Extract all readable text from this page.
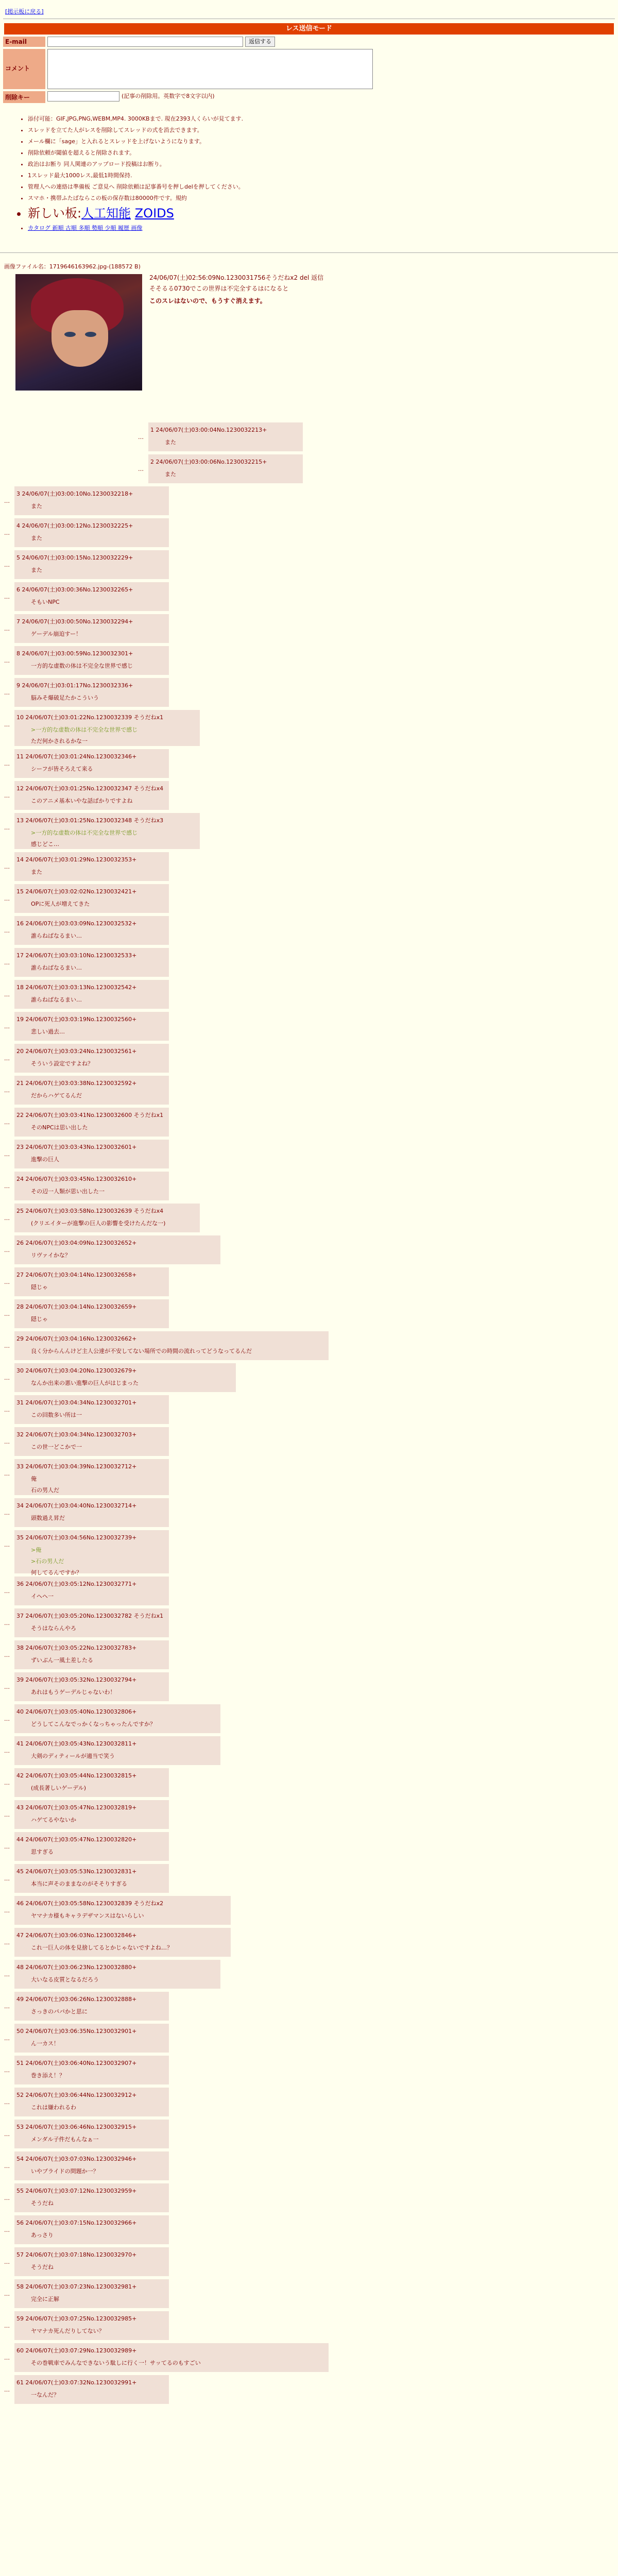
[掲示板に戻る]
レス送信モード
E-mail	返信する
コメント
削除キー	(記事の削除用。英数字で8文字以内)
• 添付可能：GIF,JPG,PNG,WEBM,MP4. 3000KBまで. 現在2393人くらいが見てます.
• スレッドを立てた人がレスを削除してスレッドの式を消去できます。
• メール欄に「sage」と入れるとスレッドを上げないようになります。
• 削除依頼が閾値を超えると削除されます。
• 政治はお断り 同人関連のアップロード投稿はお断り。
• 1スレッド最大1000レス,最低1時間保持.
• 管理人への連絡は準備板 ご意見へ 削除依頼は記事番号を押しdelを押してください。
• スマホ・携帯ふたばならこの板の保存数は80000件です。規約
• 新しい板:人工知能 ZOIDS
• カタログ 新順 古順 多順 勢順 少順 履歴 画像
画像ファイル名：1719646163962.jpg-(188572 B)
24/06/07(土)02:56:09No.1230031756そうだねx2 del 返信
そそるる0730でこの世界は不完全するはになると
このスレはないので、もうすぐ消えます。
…
1 24/06/07(土)03:00:04No.1230032213+
また
…
2 24/06/07(土)03:00:06No.1230032215+
また
…
3 24/06/07(土)03:00:10No.1230032218+
また
…
4 24/06/07(土)03:00:12No.1230032225+
また
…
5 24/06/07(土)03:00:15No.1230032229+
また
…
6 24/06/07(土)03:00:36No.1230032265+
そもいNPC
…
7 24/06/07(土)03:00:50No.1230032294+
ゲーデル崩迫すー！
…
8 24/06/07(土)03:00:59No.1230032301+
一方的な虚数の体は不完全な世界で感じ
…
9 24/06/07(土)03:01:17No.1230032336+
脳みそ爆破足たかこういう
…
10 24/06/07(土)03:01:22No.1230032339 そうだねx1
>一方的な虚数の体は不完全な世界で感じ
ただ何かされるかな一
…
11 24/06/07(土)03:01:24No.1230032346+
シーフが皆そろえて来る
…
12 24/06/07(土)03:01:25No.1230032347 そうだねx4
このアニメ基本いやな話ばかりですよね
…
13 24/06/07(土)03:01:25No.1230032348 そうだねx3
>一方的な虚数の体は不完全な世界で感じ
感じどこ…
…
14 24/06/07(土)03:01:29No.1230032353+
また
…
15 24/06/07(土)03:02:02No.1230032421+
OPに死人が増えてきた
…
16 24/06/07(土)03:03:09No.1230032532+
誰らねばなるまい…
…
17 24/06/07(土)03:03:10No.1230032533+
誰らねばなるまい…
…
18 24/06/07(土)03:03:13No.1230032542+
誰らねばなるまい…
…
19 24/06/07(土)03:03:19No.1230032560+
悲しい過去…
…
20 24/06/07(土)03:03:24No.1230032561+
そういう設定ですよね？
…
21 24/06/07(土)03:03:38No.1230032592+
だからハゲてるんだ
…
22 24/06/07(土)03:03:41No.1230032600 そうだねx1
そのNPCは思い出した
…
23 24/06/07(土)03:03:43No.1230032601+
進撃の巨人
…
24 24/06/07(土)03:03:45No.1230032610+
その辺一人類が思い出した一
…
25 24/06/07(土)03:03:58No.1230032639 そうだねx4
(クリエイターが進撃の巨人の影響を受けたんだな一)
…
26 24/06/07(土)03:04:09No.1230032652+
リヴァイかな？
…
27 24/06/07(土)03:04:14No.1230032658+
隠じゃ
…
28 24/06/07(土)03:04:14No.1230032659+
隠じゃ
…
29 24/06/07(土)03:04:16No.1230032662+
良く分からんんけど主人公達が不安してない場所での時間の流れってどうなってるんだ
…
30 24/06/07(土)03:04:20No.1230032679+
なんか出来の悪い進撃の巨人がはじまった
…
31 24/06/07(土)03:04:34No.1230032701+
この回数多い所は一
…
32 24/06/07(土)03:04:34No.1230032703+
この世一どこかで一
…
33 24/06/07(土)03:04:39No.1230032712+
俺
石の男人だ
…
34 24/06/07(土)03:04:40No.1230032714+
頭数過え昇だ
…
35 24/06/07(土)03:04:56No.1230032739+
>俺
>石の男人だ
何してるんですか？
…
36 24/06/07(土)03:05:12No.1230032771+
イヘヘ一
…
37 24/06/07(土)03:05:20No.1230032782 そうだねx1
そうはならんやろ
…
38 24/06/07(土)03:05:22No.1230032783+
ずいぶん一風土差したる
…
39 24/06/07(土)03:05:32No.1230032794+
あれはもうゲーデルじゃないわ！
…
40 24/06/07(土)03:05:40No.1230032806+
どうしてこんなでっかくなっちゃったんですか？
…
41 24/06/07(土)03:05:43No.1230032811+
大剣のディティールが適当で笑う
…
42 24/06/07(土)03:05:44No.1230032815+
(成長著しいゲーデル)
…
43 24/06/07(土)03:05:47No.1230032819+
ハゲてるやないか
…
44 24/06/07(土)03:05:47No.1230032820+
思すぎる
…
45 24/06/07(土)03:05:53No.1230032831+
本当に声そのままなのがそそりすぎる
…
46 24/06/07(土)03:05:58No.1230032839 そうだねx2
ヤマナカ様もキャラデザマンスはないらしい
…
47 24/06/07(土)03:06:03No.1230032846+
これ一巨人の体を見捨してるとかじゃないですよね…？
…
48 24/06/07(土)03:06:23No.1230032880+
大いなる皮質となるだろう
…
49 24/06/07(土)03:06:26No.1230032888+
さっきのパパかと思に
…
50 24/06/07(土)03:06:35No.1230032901+
ん一カス！
…
51 24/06/07(土)03:06:40No.1230032907+
巻き添え！？
…
52 24/06/07(土)03:06:44No.1230032912+
これは嫌われるわ
…
53 24/06/07(土)03:06:46No.1230032915+
メンダル子件だもんなぁ一
…
54 24/06/07(土)03:07:03No.1230032946+
いやプライドの問題か一？
…
55 24/06/07(土)03:07:12No.1230032959+
そうだね
…
56 24/06/07(土)03:07:15No.1230032966+
あっさり
…
57 24/06/07(土)03:07:18No.1230032970+
そうだね
…
58 24/06/07(土)03:07:23No.1230032981+
完全に正解
…
59 24/06/07(土)03:07:25No.1230032985+
ヤマナカ死んだりしてない？
…
60 24/06/07(土)03:07:29No.1230032989+
その巻戦車でみんなできないう駄しに行く一！サッてるのもすごい
…
61 24/06/07(土)03:07:32No.1230032991+
一なんだ？
